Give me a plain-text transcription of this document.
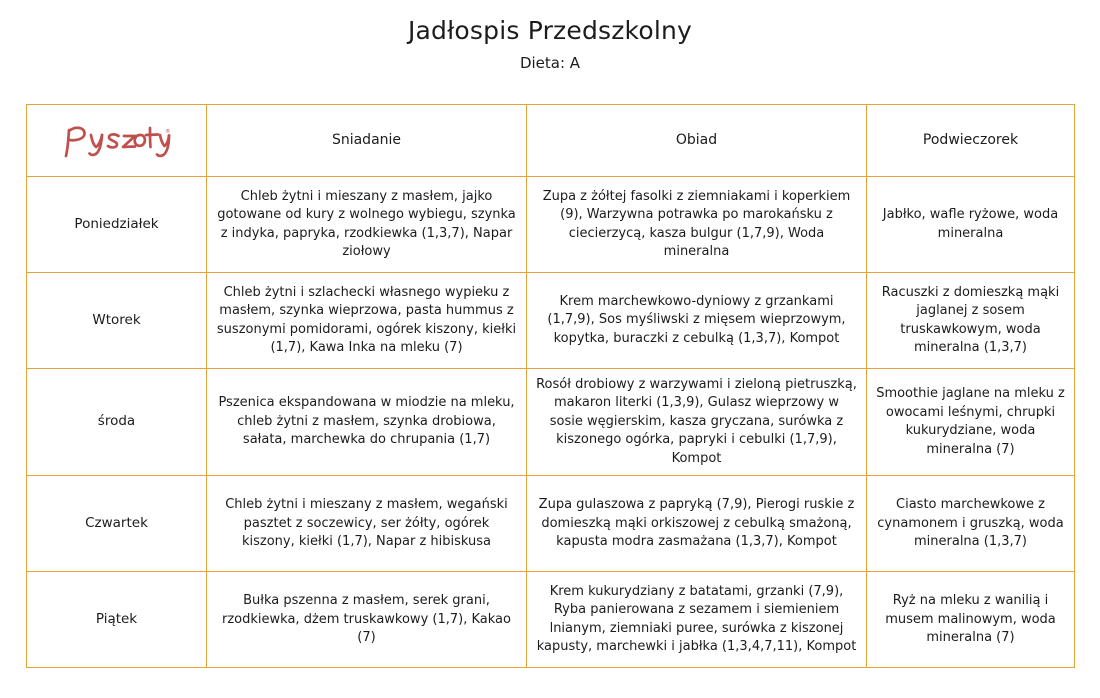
Jadłospis Przedszkolny

Dieta: A

®	Sniadanie	Obiad	Podwieczorek

Poniedziałek	Chleb żytni i mieszany z masłem, jajko gotowane od kury z wolnego wybiegu, szynka z indyka, papryka, rzodkiewka (1,3,7), Napar ziołowy	Zupa z żółtej fasolki z ziemniakami i koperkiem (9), Warzywna potrawka po marokańsku z ciecierzycą, kasza bulgur (1,7,9), Woda mineralna	Jabłko, wafle ryżowe, woda mineralna

Wtorek	Chleb żytni i szlachecki własnego wypieku z masłem, szynka wieprzowa, pasta hummus z suszonymi pomidorami, ogórek kiszony, kiełki (1,7), Kawa Inka na mleku (7)	Krem marchewkowo-dyniowy z grzankami (1,7,9), Sos myśliwski z mięsem wieprzowym, kopytka, buraczki z cebulką (1,3,7), Kompot	Racuszki z domieszką mąki jaglanej z sosem truskawkowym, woda mineralna (1,3,7)

środa	Pszenica ekspandowana w miodzie na mleku, chleb żytni z masłem, szynka drobiowa, sałata, marchewka do chrupania (1,7)	Rosół drobiowy z warzywami i zieloną pietruszką, makaron literki (1,3,9), Gulasz wieprzowy w sosie węgierskim, kasza gryczana, surówka z kiszonego ogórka, papryki i cebulki (1,7,9), Kompot	Smoothie jaglane na mleku z owocami leśnymi, chrupki kukurydziane, woda mineralna (7)

Czwartek	Chleb żytni i mieszany z masłem, wegański pasztet z soczewicy, ser żółty, ogórek kiszony, kiełki (1,7), Napar z hibiskusa	Zupa gulaszowa z papryką (7,9), Pierogi ruskie z domieszką mąki orkiszowej z cebulką smażoną, kapusta modra zasmażana (1,3,7), Kompot	Ciasto marchewkowe z cynamonem i gruszką, woda mineralna (1,3,7)

Piątek	Bułka pszenna z masłem, serek grani, rzodkiewka, dżem truskawkowy (1,7), Kakao (7)	Krem kukurydziany z batatami, grzanki (7,9), Ryba panierowana z sezamem i siemieniem lnianym, ziemniaki puree, surówka z kiszonej kapusty, marchewki i jabłka (1,3,4,7,11), Kompot	Ryż na mleku z wanilią i musem malinowym, woda mineralna (7)
